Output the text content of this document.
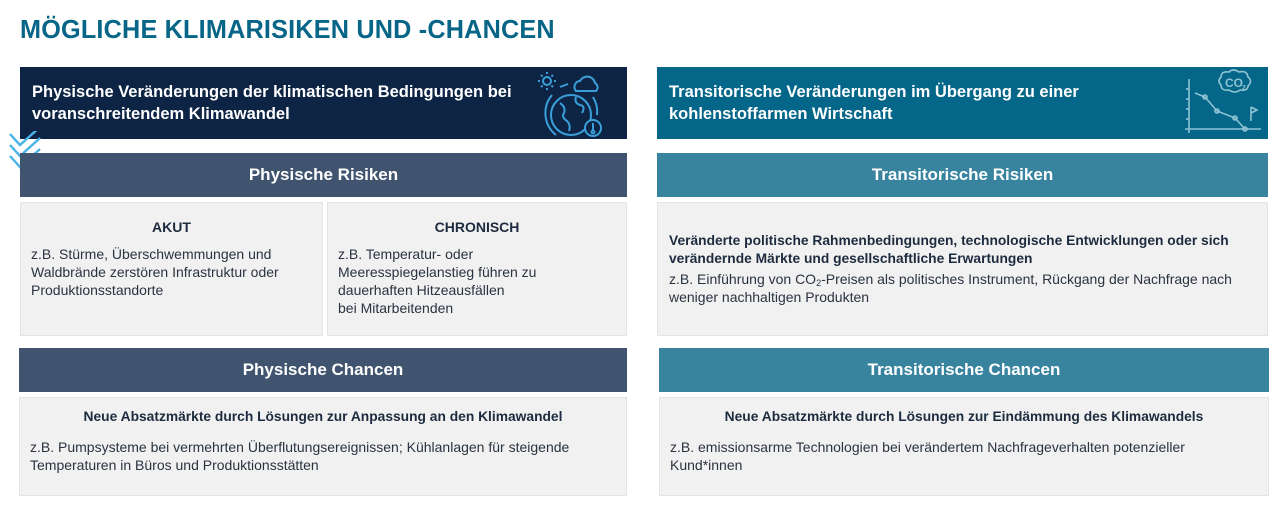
MÖGLICHE KLIMARISIKEN UND -CHANCEN
Physische Veränderungen der klimatischen Bedingungen bei voranschreitendem Klimawandel
Transitorische Veränderungen im Übergang zu einer kohlenstoffarmen Wirtschaft
CO 2
Physische Risiken	Transitorische Risiken
AKUT
z.B. Stürme, Überschwemmungen und Waldbrände zerstören Infrastruktur oder Produktionsstandorte
CHRONISCH
z.B. Temperatur- oder
Meeresspiegelanstieg führen zu
dauerhaften Hitzeausfällen
bei Mitarbeitenden
Veränderte politische Rahmenbedingungen, technologische Entwicklungen oder sich verändernde Märkte und gesellschaftliche Erwartungen
z.B. Einführung von $CO_2$-Preisen als politisches Instrument, Rückgang der Nachfrage nach weniger nachhaltigen Produkten
Physische Chancen	Transitorische Chancen
Neue Absatzmärkte durch Lösungen zur Anpassung an den Klimawandel
z.B. Pumpsysteme bei vermehrten Überflutungsereignissen; Kühlanlagen für steigende Temperaturen in Büros und Produktionsstätten
Neue Absatzmärkte durch Lösungen zur Eindämmung des Klimawandels
z.B. emissionsarme Technologien bei verändertem Nachfrageverhalten potenzieller Kund*innen
